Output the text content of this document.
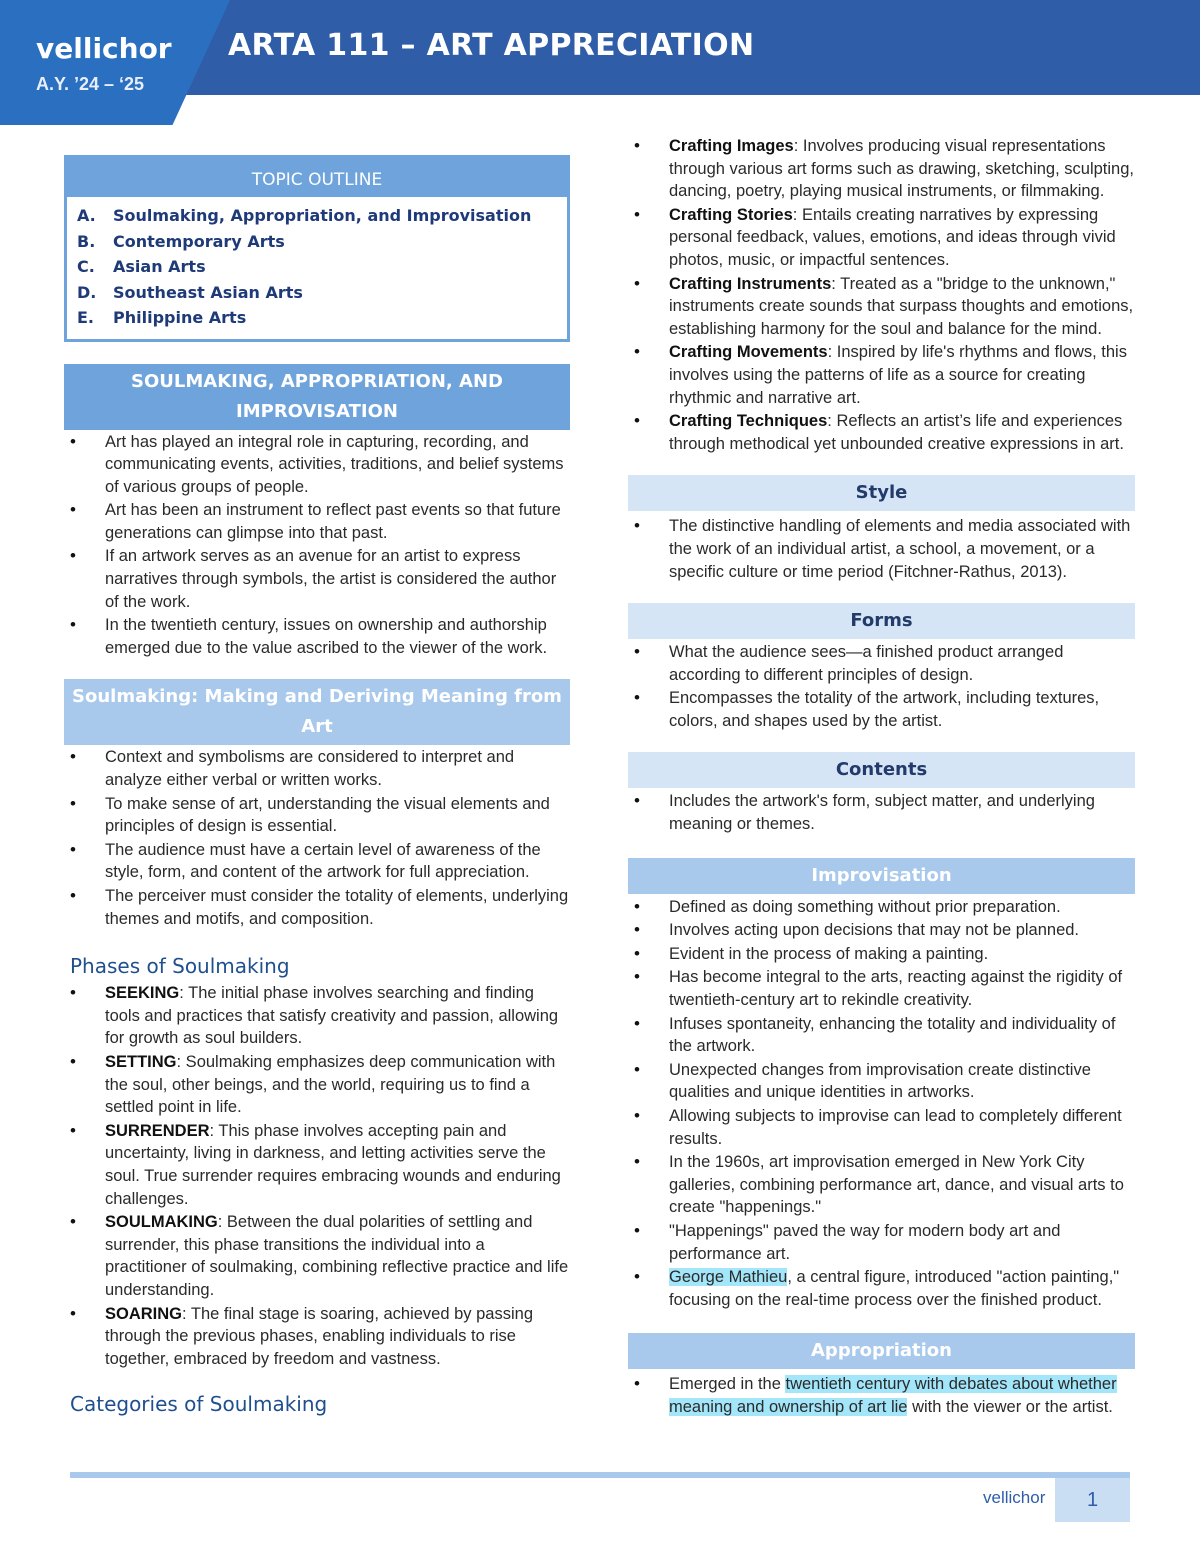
vellichor
A.Y. ’24 – ‘25
ARTA 111 – ART APPRECIATION
TOPIC OUTLINE
A.	Soulmaking, Appropriation, and Improvisation
B.	Contemporary Arts
C.	Asian Arts
D.	Southeast Asian Arts
E.	Philippine Arts
SOULMAKING, APPROPRIATION, AND IMPROVISATION
• Art has played an integral role in capturing, recording, and communicating events, activities, traditions, and belief systems of various groups of people.
• Art has been an instrument to reflect past events so that future generations can glimpse into that past.
• If an artwork serves as an avenue for an artist to express narratives through symbols, the artist is considered the author of the work.
• In the twentieth century, issues on ownership and authorship emerged due to the value ascribed to the viewer of the work.
Soulmaking: Making and Deriving Meaning from Art
• Context and symbolisms are considered to interpret and analyze either verbal or written works.
• To make sense of art, understanding the visual elements and principles of design is essential.
• The audience must have a certain level of awareness of the style, form, and content of the artwork for full appreciation.
• The perceiver must consider the totality of elements, underlying themes and motifs, and composition.
Phases of Soulmaking
• SEEKING: The initial phase involves searching and finding tools and practices that satisfy creativity and passion, allowing for growth as soul builders.
• SETTING: Soulmaking emphasizes deep communication with the soul, other beings, and the world, requiring us to find a settled point in life.
• SURRENDER: This phase involves accepting pain and uncertainty, living in darkness, and letting activities serve the soul. True surrender requires embracing wounds and enduring challenges.
• SOULMAKING: Between the dual polarities of settling and surrender, this phase transitions the individual into a practitioner of soulmaking, combining reflective practice and life understanding.
• SOARING: The final stage is soaring, achieved by passing through the previous phases, enabling individuals to rise together, embraced by freedom and vastness.
Categories of Soulmaking
• Crafting Images: Involves producing visual representations through various art forms such as drawing, sketching, sculpting, dancing, poetry, playing musical instruments, or filmmaking.
• Crafting Stories: Entails creating narratives by expressing personal feedback, values, emotions, and ideas through vivid photos, music, or impactful sentences.
• Crafting Instruments: Treated as a "bridge to the unknown," instruments create sounds that surpass thoughts and emotions, establishing harmony for the soul and balance for the mind.
• Crafting Movements: Inspired by life's rhythms and flows, this involves using the patterns of life as a source for creating rhythmic and narrative art.
• Crafting Techniques: Reflects an artist’s life and experiences through methodical yet unbounded creative expressions in art.
Style
• The distinctive handling of elements and media associated with the work of an individual artist, a school, a movement, or a specific culture or time period (Fitchner-Rathus, 2013).
Forms
• What the audience sees—a finished product arranged according to different principles of design.
• Encompasses the totality of the artwork, including textures, colors, and shapes used by the artist.
Contents
• Includes the artwork's form, subject matter, and underlying meaning or themes.
Improvisation
• Defined as doing something without prior preparation.
• Involves acting upon decisions that may not be planned.
• Evident in the process of making a painting.
• Has become integral to the arts, reacting against the rigidity of twentieth-century art to rekindle creativity.
• Infuses spontaneity, enhancing the totality and individuality of the artwork.
• Unexpected changes from improvisation create distinctive qualities and unique identities in artworks.
• Allowing subjects to improvise can lead to completely different results.
• In the 1960s, art improvisation emerged in New York City galleries, combining performance art, dance, and visual arts to create "happenings."
• "Happenings" paved the way for modern body art and performance art.
• George Mathieu, a central figure, introduced "action painting," focusing on the real-time process over the finished product.
Appropriation
• Emerged in the twentieth century with debates about whether meaning and ownership of art lie with the viewer or the artist.
vellichor	1
